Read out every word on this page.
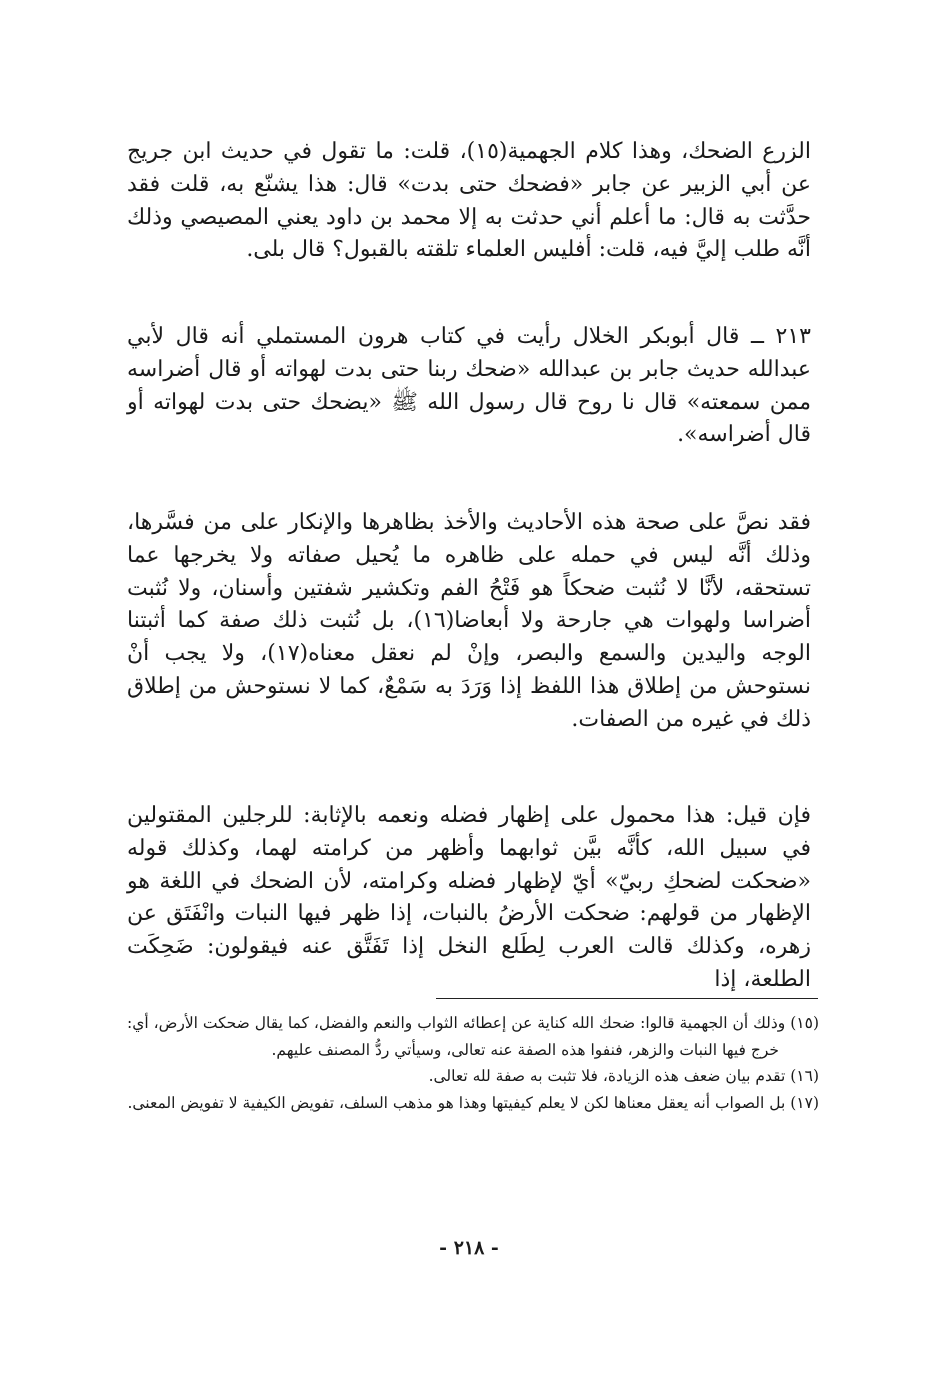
الزرع الضحك، وهذا كلام الجهمية(١٥)، قلت: ما تقول في حديث ابن جريج عن أبي الزبير عن جابر «فضحك حتى بدت» قال: هذا يشنّع به، قلت فقد حدَّثت به قال: ما أعلم أني حدثت به إلا محمد بن داود يعني المصيصي وذلك أنَّه طلب إليَّ فيه، قلت: أفليس العلماء تلقته بالقبول؟ قال بلى.

٢١٣ ــ قال أبوبكر الخلال رأيت في كتاب هرون المستملي أنه قال لأبي عبدالله حديث جابر بن عبدالله «ضحك ربنا حتى بدت لهواته أو قال أضراسه ممن سمعته» قال نا روح قال رسول الله ﷺ «يضحك حتى بدت لهواته أو قال أضراسه».

فقد نصَّ على صحة هذه الأحاديث والأخذ بظاهرها والإنكار على من فسَّرها، وذلك أنَّه ليس في حمله على ظاهره ما يُحيل صفاته ولا يخرجها عما تستحقه، لأنَّا لا نُثبت ضحكاً هو فَتْحُ الفم وتكشير شفتين وأسنان، ولا نُثبت أضراسا ولهوات هي جارحة ولا أبعاضا(١٦)، بل نُثبت ذلك صفة كما أثبتنا الوجه واليدين والسمع والبصر، وإنْ لم نعقل معناه(١٧)، ولا يجب أنْ نستوحش من إطلاق هذا اللفظ إذا وَرَدَ به سَمْعٌ، كما لا نستوحش من إطلاق ذلك في غيره من الصفات.

فإن قيل: هذا محمول على إظهار فضله ونعمه بالإثابة: للرجلين المقتولين في سبيل الله، كأنَّه بيَّن ثوابهما وأظهر من كرامته لهما، وكذلك قوله «ضحكت لضحكِ ربيّ» أيّ لإظهار فضله وكرامته، لأن الضحك في اللغة هو الإظهار من قولهم: ضحكت الأرضُ بالنبات، إذا ظهر فيها النبات وانْفَتَق عن زهره، وكذلك قالت العرب لِطَلع النخل إذا تَفَتَّق عنه فيقولون: ضَحِكَت الطلعة، إذا

(١٥) وذلك أن الجهمية قالوا: ضحك الله كناية عن إعطائه الثواب والنعم والفضل، كما يقال ضحكت الأرض، أي: خرج فيها النبات والزهر، فنفوا هذه الصفة عنه تعالى، وسيأتي ردُّ المصنف عليهم.

(١٦) تقدم بيان ضعف هذه الزيادة، فلا تثبت به صفة لله تعالى.

(١٧) بل الصواب أنه يعقل معناها لكن لا يعلم كيفيتها وهذا هو مذهب السلف، تفويض الكيفية لا تفويض المعنى.

- ٢١٨ -
